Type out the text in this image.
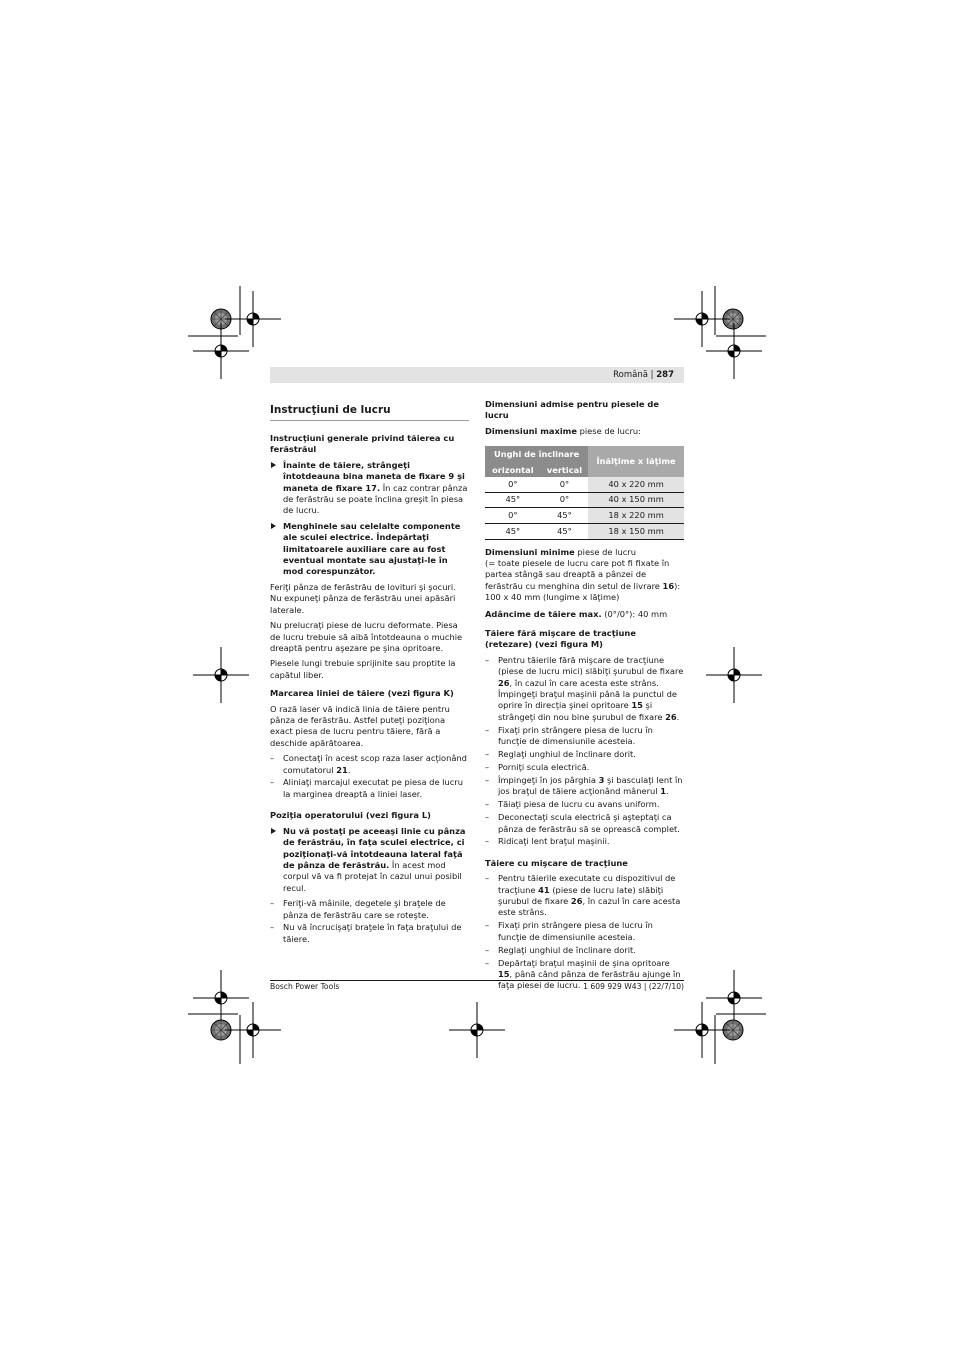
Română | 287
Instrucţiuni de lucru
Instrucţiuni generale privind tăierea cu ferăstrăul
Înainte de tăiere, strângeţi întotdeauna bina maneta de fixare 9 şi maneta de fixare 17. În caz contrar pânza de ferăstrău se poate înclina greşit în piesa de lucru.
Menghinele sau celelalte componente ale sculei electrice. Îndepărtaţi limitatoarele auxiliare care au fost eventual montate sau ajustaţi-le în mod corespunzător.
Feriţi pânza de ferăstrău de lovituri şi şocuri. Nu expuneţi pânza de ferăstrău unei apăsări laterale.
Nu prelucraţi piese de lucru deformate. Piesa de lucru trebuie să aibă întotdeauna o muchie dreaptă pentru aşezare pe şina opritoare.
Piesele lungi trebuie sprijinite sau proptite la capătul liber.
Marcarea liniei de tăiere (vezi figura K)
O rază laser vă indică linia de tăiere pentru pânza de ferăstrău. Astfel puteţi poziţiona exact piesa de lucru pentru tăiere, fără a deschide apărătoarea.
– Conectaţi în acest scop raza laser acţionând comutatorul 21.
– Aliniaţi marcajul executat pe piesa de lucru la marginea dreaptă a liniei laser.
Poziţia operatorului (vezi figura L)
Nu vă postaţi pe aceeaşi linie cu pânza de ferăstrău, în faţa sculei electrice, ci poziţionaţi-vă întotdeauna lateral faţă de pânza de ferăstrău. În acest mod corpul vă va fi protejat în cazul unui posibil recul.
– Feriţi-vă mâinile, degetele şi braţele de pânza de ferăstrău care se roteşte.
– Nu vă încrucişaţi braţele în faţa braţului de tăiere.
Dimensiuni admise pentru piesele de lucru
Dimensiuni maxime piese de lucru:
Unghi de înclinare		Înălţime x lăţime
orizontal	vertical	
0°	0°	40 x 220 mm
45°	0°	40 x 150 mm
0°	45°	18 x 220 mm
45°	45°	18 x 150 mm
Dimensiuni minime piese de lucru
(= toate piesele de lucru care pot fi fixate în partea stângă sau dreaptă a pânzei de ferăstrău cu menghina din setul de livrare 16):
100 x 40 mm (lungime x lăţime)
Adâncime de tăiere max. (0°/0°): 40 mm
Tăiere fără mişcare de tracţiune (retezare) (vezi figura M)
– Pentru tăierile fără mişcare de tracţiune (piese de lucru mici) slăbiţi şurubul de fixare 26, în cazul în care acesta este strâns. Împingeţi braţul maşinii până la punctul de oprire în direcţia şinei opritoare 15 şi strângeţi din nou bine şurubul de fixare 26.
– Fixaţi prin strângere piesa de lucru în funcţie de dimensiunile acesteia.
– Reglaţi unghiul de înclinare dorit.
– Porniţi scula electrică.
– Împingeţi în jos pârghia 3 şi basculaţi lent în jos braţul de tăiere acţionând mânerul 1.
– Tăiaţi piesa de lucru cu avans uniform.
– Deconectaţi scula electrică şi aşteptaţi ca pânza de ferăstrău să se oprească complet.
– Ridicaţi lent braţul maşinii.
Tăiere cu mişcare de tracţiune
– Pentru tăierile executate cu dispozitivul de tracţiune 41 (piese de lucru late) slăbiţi şurubul de fixare 26, în cazul în care acesta este strâns.
– Fixaţi prin strângere piesa de lucru în funcţie de dimensiunile acesteia.
– Reglaţi unghiul de înclinare dorit.
– Depărtaţi braţul maşinii de şina opritoare 15, până când pânza de ferăstrău ajunge în faţa piesei de lucru.
Bosch Power Tools	1 609 929 W43 | (22/7/10)
